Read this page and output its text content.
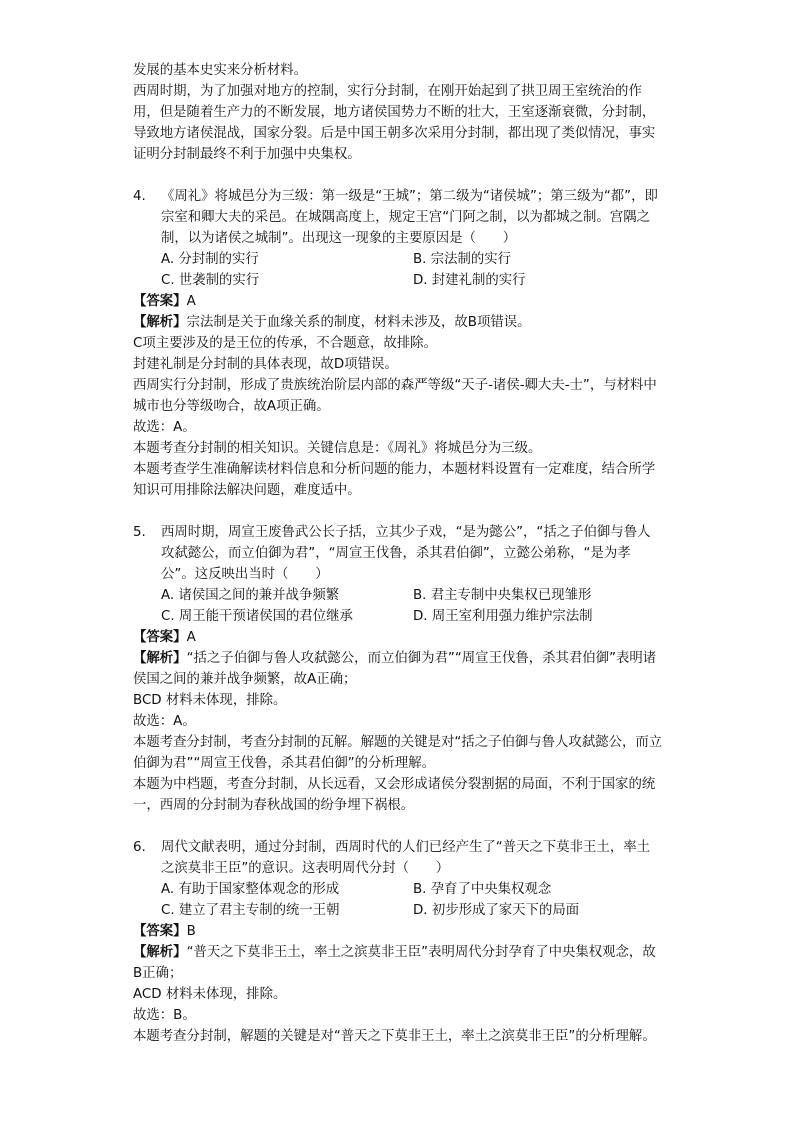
发展的基本史实来分析材料。

西周时期，为了加强对地方的控制，实行分封制，在刚开始起到了拱卫周王室统治的作用，但是随着生产力的不断发展，地方诸侯国势力不断的壮大，王室逐渐衰微，分封制，导致地方诸侯混战，国家分裂。后是中国王朝多次采用分封制，都出现了类似情况，事实证明分封制最终不利于加强中央集权。

4.	《周礼》将城邑分为三级：第一级是“王城”；第二级为“诸侯城”；第三级为“都”，即宗室和卿大夫的采邑。在城隅高度上，规定王宫“门阿之制，以为都城之制。宫隅之制，以为诸侯之城制”。出现这一现象的主要原因是（　　）
A. 分封制的实行	B. 宗法制的实行
C. 世袭制的实行	D. 封建礼制的实行

【答案】A

【解析】宗法制是关于血缘关系的制度，材料未涉及，故B项错误。

C项主要涉及的是王位的传承，不合题意，故排除。

封建礼制是分封制的具体表现，故D项错误。

西周实行分封制，形成了贵族统治阶层内部的森严等级“天子-诸侯-卿大夫-士”，与材料中城市也分等级吻合，故A项正确。

故选：A。

本题考查分封制的相关知识。关键信息是：《周礼》将城邑分为三级。

本题考查学生准确解读材料信息和分析问题的能力，本题材料设置有一定难度，结合所学知识可用排除法解决问题，难度适中。

5.	西周时期，周宣王废鲁武公长子括，立其少子戏，“是为懿公”，“括之子伯御与鲁人攻弑懿公，而立伯御为君”，“周宣王伐鲁，杀其君伯御”，立懿公弟称，“是为孝公”。这反映出当时（　　）
A. 诸侯国之间的兼并战争频繁	B. 君主专制中央集权已现雏形
C. 周王能干预诸侯国的君位继承	D. 周王室利用强力维护宗法制

【答案】A

【解析】“括之子伯御与鲁人攻弑懿公，而立伯御为君”“周宣王伐鲁，杀其君伯御”表明诸侯国之间的兼并战争频繁，故A正确；

BCD 材料未体现，排除。

故选：A。

本题考查分封制，考查分封制的瓦解。解题的关键是对“括之子伯御与鲁人攻弑懿公，而立伯御为君”“周宣王伐鲁，杀其君伯御”的分析理解。

本题为中档题，考查分封制，从长远看，又会形成诸侯分裂割据的局面，不利于国家的统一，西周的分封制为春秋战国的纷争埋下祸根。

6.	周代文献表明，通过分封制，西周时代的人们已经产生了“普天之下莫非王土，率土之滨莫非王臣”的意识。这表明周代分封（　　）
A. 有助于国家整体观念的形成	B. 孕育了中央集权观念
C. 建立了君主专制的统一王朝	D. 初步形成了家天下的局面

【答案】B

【解析】“普天之下莫非王土，率土之滨莫非王臣”表明周代分封孕育了中央集权观念，故B正确；

ACD 材料未体现，排除。

故选：B。

本题考查分封制，解题的关键是对“普天之下莫非王土，率土之滨莫非王臣”的分析理解。
